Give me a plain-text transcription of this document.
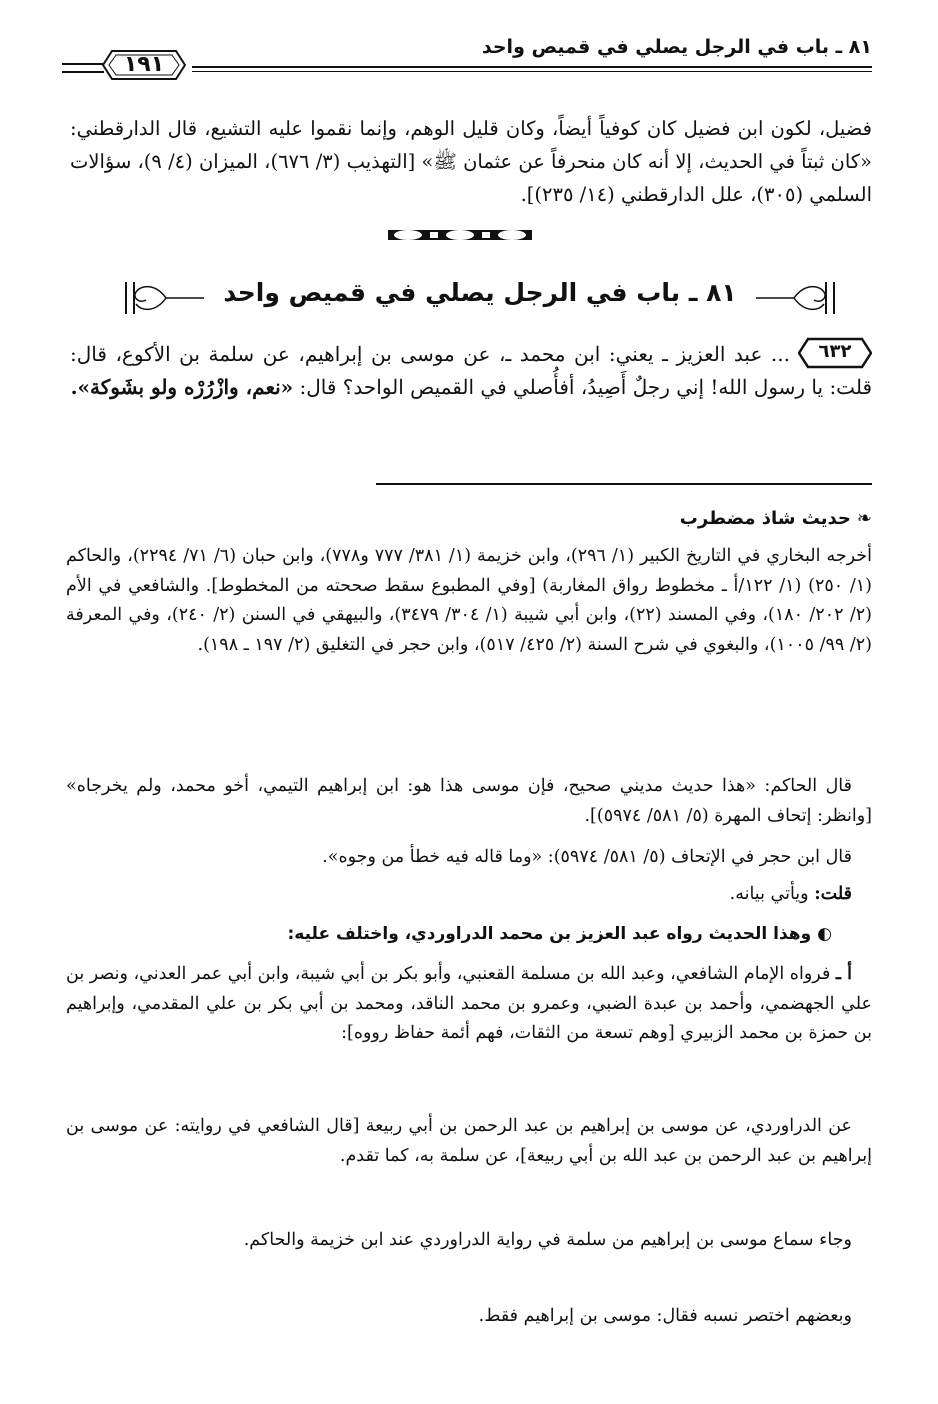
٨١ ـ باب في الرجل يصلي في قميص واحد
١٩١
فضيل، لكون ابن فضيل كان كوفياً أيضاً، وكان قليل الوهم، وإنما نقموا عليه التشيع، قال الدارقطني: «كان ثبتاً في الحديث، إلا أنه كان منحرفاً عن عثمان ﷺ» [التهذيب (٣/ ٦٧٦)، الميزان (٤/ ٩)، سؤالات السلمي (٣٠٥)، علل الدارقطني (١٤/ ٢٣٥)].
٨١ ـ باب في الرجل يصلي في قميص واحد
٦٣٢
... عبد العزيز ـ يعني: ابن محمد ـ، عن موسى بن إبراهيم، عن سلمة بن الأكوع، قال: قلت: يا رسول الله! إني رجلٌ أَصِيدُ، أفأُصلي في القميص الواحد؟ قال: «نعم، وازْرُرْه ولو بشَوكة».
❧حديث شاذ مضطرب
أخرجه البخاري في التاريخ الكبير (١/ ٢٩٦)، وابن خزيمة (١/ ٣٨١/ ٧٧٧ و٧٧٨)، وابن حبان (٦/ ٧١/ ٢٢٩٤)، والحاكم (١/ ٢٥٠) (١/ ١٢٢/أ ـ مخطوط رواق المغاربة) [وفي المطبوع سقط صححته من المخطوط]. والشافعي في الأم (٢/ ٢٠٢/ ١٨٠)، وفي المسند (٢٢)، وابن أبي شيبة (١/ ٣٠٤/ ٣٤٧٩)، والبيهقي في السنن (٢/ ٢٤٠)، وفي المعرفة (٢/ ٩٩/ ١٠٠٥)، والبغوي في شرح السنة (٢/ ٤٢٥/ ٥١٧)، وابن حجر في التغليق (٢/ ١٩٧ ـ ١٩٨).
قال الحاكم: «هذا حديث مديني صحيح، فإن موسى هذا هو: ابن إبراهيم التيمي، أخو محمد، ولم يخرجاه» [وانظر: إتحاف المهرة (٥/ ٥٨١/ ٥٩٧٤)].
قال ابن حجر في الإتحاف (٥/ ٥٨١/ ٥٩٧٤): «وما قاله فيه خطأ من وجوه».
قلت: ويأتي بيانه.
◐وهذا الحديث رواه عبد العزيز بن محمد الدراوردي، واختلف عليه:
أ ـ فرواه الإمام الشافعي، وعبد الله بن مسلمة القعنبي، وأبو بكر بن أبي شيبة، وابن أبي عمر العدني، ونصر بن علي الجهضمي، وأحمد بن عبدة الضبي، وعمرو بن محمد الناقد، ومحمد بن أبي بكر بن علي المقدمي، وإبراهيم بن حمزة بن محمد الزبيري [وهم تسعة من الثقات، فهم أئمة حفاظ رووه]:
عن الدراوردي، عن موسى بن إبراهيم بن عبد الرحمن بن أبي ربيعة [قال الشافعي في روايته: عن موسى بن إبراهيم بن عبد الرحمن بن عبد الله بن أبي ربيعة]، عن سلمة به، كما تقدم.
وجاء سماع موسى بن إبراهيم من سلمة في رواية الدراوردي عند ابن خزيمة والحاكم.
وبعضهم اختصر نسبه فقال: موسى بن إبراهيم فقط.
